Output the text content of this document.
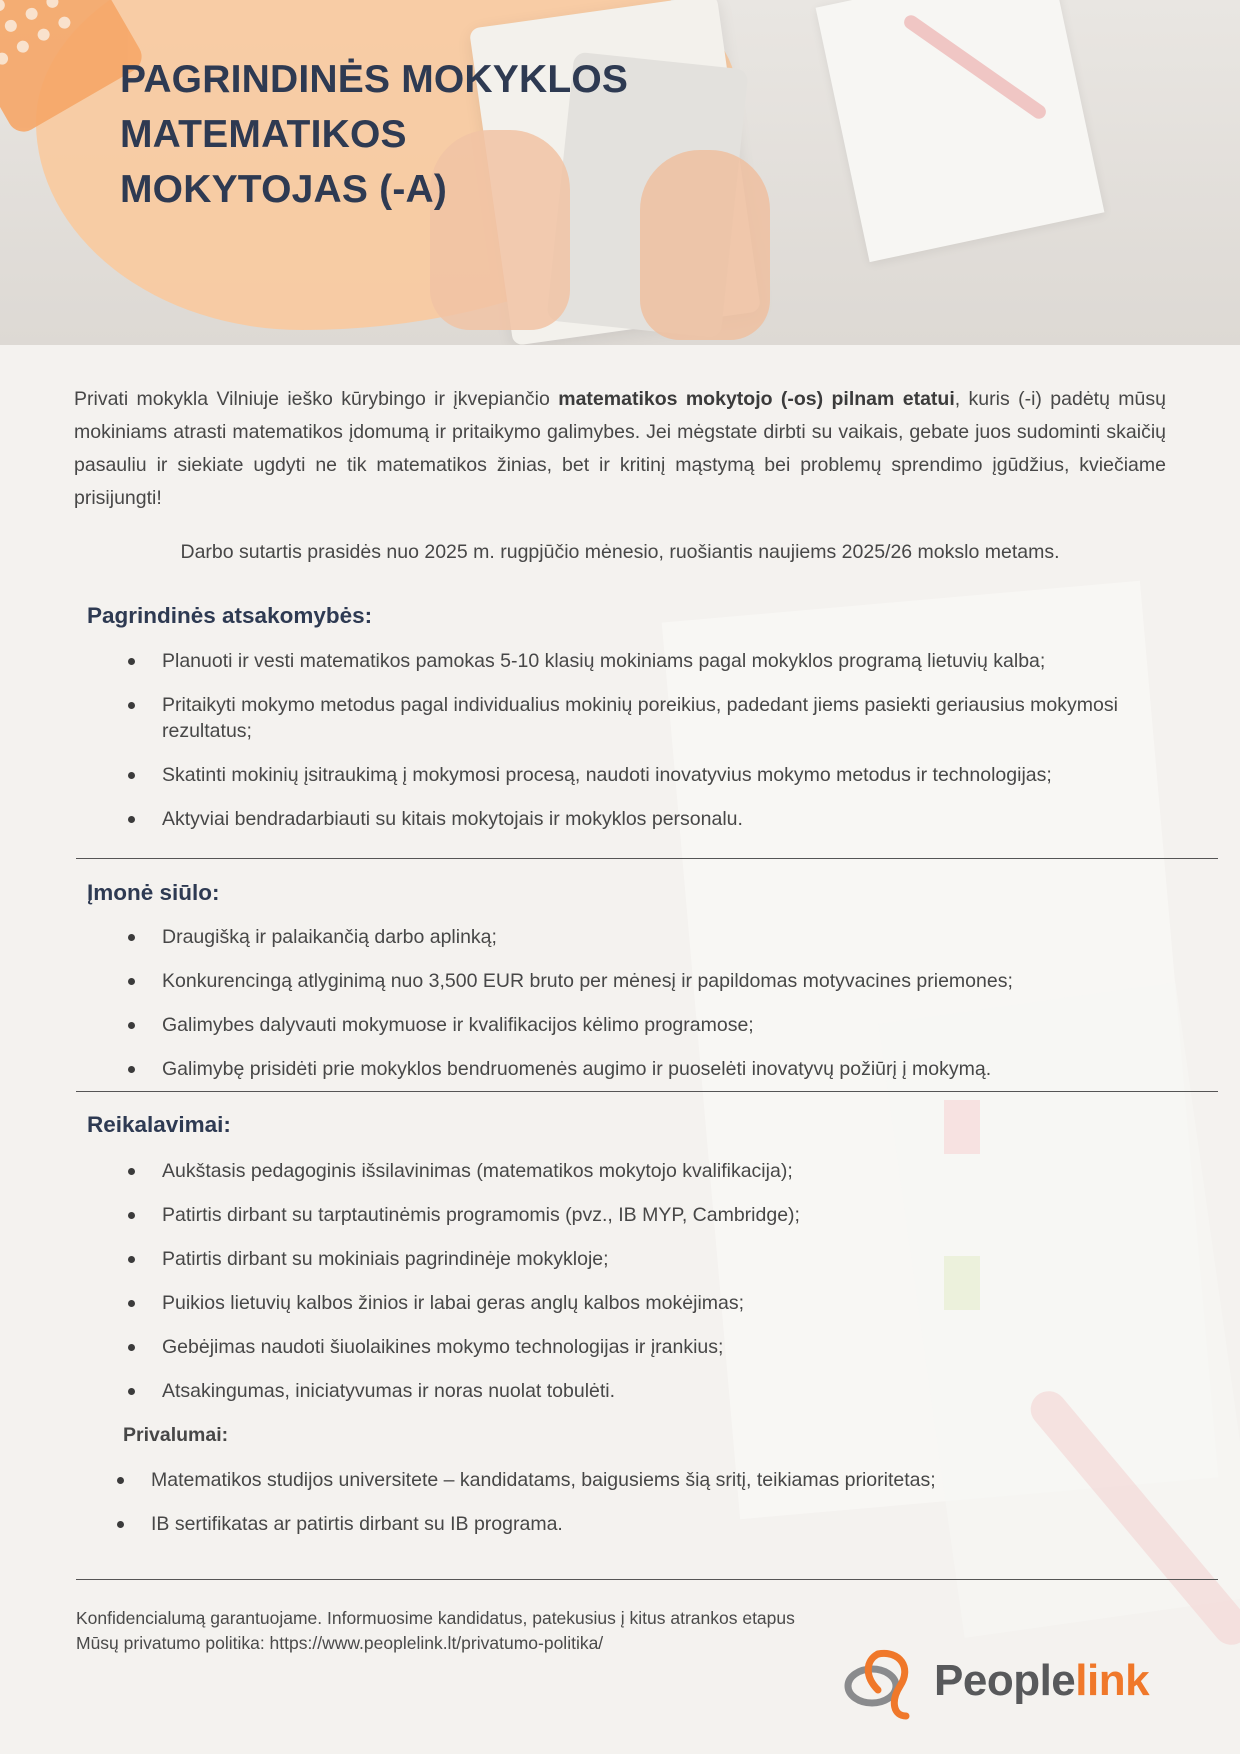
PAGRINDINĖS MOKYKLOS
MATEMATIKOS
MOKYTOJAS (-A)

Privati mokykla Vilniuje ieško kūrybingo ir įkvepiančio matematikos mokytojo (-os) pilnam etatui, kuris (-i) padėtų mūsų mokiniams atrasti matematikos įdomumą ir pritaikymo galimybes. Jei mėgstate dirbti su vaikais, gebate juos sudominti skaičių pasauliu ir siekiate ugdyti ne tik matematikos žinias, bet ir kritinį mąstymą bei problemų sprendimo įgūdžius, kviečiame prisijungti!

Darbo sutartis prasidės nuo 2025 m. rugpjūčio mėnesio, ruošiantis naujiems 2025/26 mokslo metams.

Pagrindinės atsakomybės:
Planuoti ir vesti matematikos pamokas 5-10 klasių mokiniams pagal mokyklos programą lietuvių kalba;
Pritaikyti mokymo metodus pagal individualius mokinių poreikius, padedant jiems pasiekti geriausius mokymosi rezultatus;
Skatinti mokinių įsitraukimą į mokymosi procesą, naudoti inovatyvius mokymo metodus ir technologijas;
Aktyviai bendradarbiauti su kitais mokytojais ir mokyklos personalu.
Įmonė siūlo:
Draugišką ir palaikančią darbo aplinką;
Konkurencingą atlyginimą nuo 3,500 EUR bruto per mėnesį ir papildomas motyvacines priemones;
Galimybes dalyvauti mokymuose ir kvalifikacijos kėlimo programose;
Galimybę prisidėti prie mokyklos bendruomenės augimo ir puoselėti inovatyvų požiūrį į mokymą.
Reikalavimai:
Aukštasis pedagoginis išsilavinimas (matematikos mokytojo kvalifikacija);
Patirtis dirbant su tarptautinėmis programomis (pvz., IB MYP, Cambridge);
Patirtis dirbant su mokiniais pagrindinėje mokykloje;
Puikios lietuvių kalbos žinios ir labai geras anglų kalbos mokėjimas;
Gebėjimas naudoti šiuolaikines mokymo technologijas ir įrankius;
Atsakingumas, iniciatyvumas ir noras nuolat tobulėti.
Privalumai:
Matematikos studijos universitete – kandidatams, baigusiems šią sritį, teikiamas prioritetas;
IB sertifikatas ar patirtis dirbant su IB programa.

Konfidencialumą garantuojame. Informuosime kandidatus, patekusius į kitus atrankos etapus
Mūsų privatumo politika: https://www.peoplelink.lt/privatumo-politika/

Peoplelink
